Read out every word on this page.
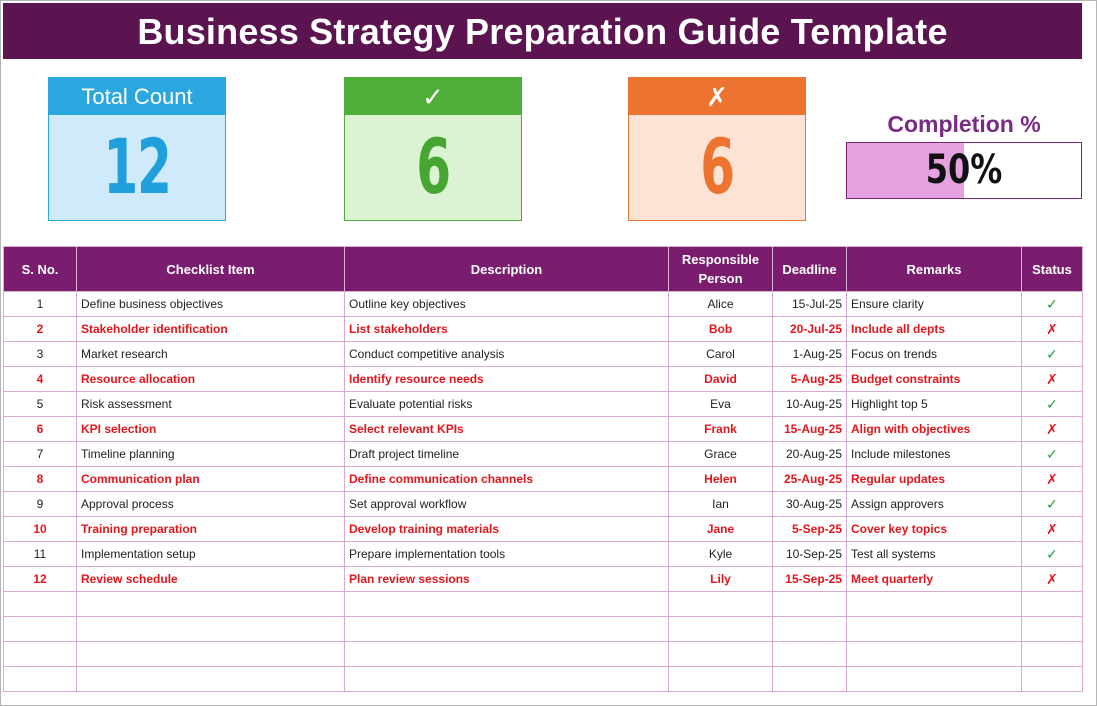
Business Strategy Preparation Guide Template
Total Count
12
✓
6
✗
6	Completion %
50%
S. No.	Checklist Item	Description	Responsible Person	Deadline	Remarks	Status
1	Define business objectives	Outline key objectives	Alice	15-Jul-25	Ensure clarity	✓
2	Stakeholder identification	List stakeholders	Bob	20-Jul-25	Include all depts	✗
3	Market research	Conduct competitive analysis	Carol	1-Aug-25	Focus on trends	✓
4	Resource allocation	Identify resource needs	David	5-Aug-25	Budget constraints	✗
5	Risk assessment	Evaluate potential risks	Eva	10-Aug-25	Highlight top 5	✓
6	KPI selection	Select relevant KPIs	Frank	15-Aug-25	Align with objectives	✗
7	Timeline planning	Draft project timeline	Grace	20-Aug-25	Include milestones	✓
8	Communication plan	Define communication channels	Helen	25-Aug-25	Regular updates	✗
9	Approval process	Set approval workflow	Ian	30-Aug-25	Assign approvers	✓
10	Training preparation	Develop training materials	Jane	5-Sep-25	Cover key topics	✗
11	Implementation setup	Prepare implementation tools	Kyle	10-Sep-25	Test all systems	✓
12	Review schedule	Plan review sessions	Lily	15-Sep-25	Meet quarterly	✗
